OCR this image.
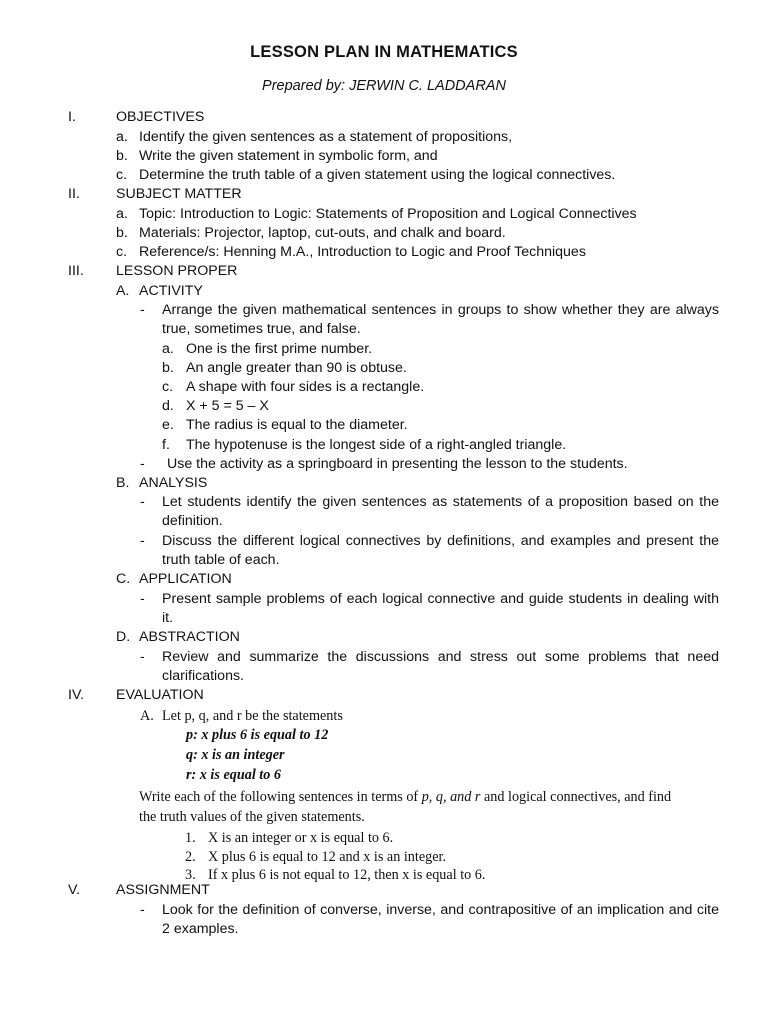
LESSON PLAN IN MATHEMATICS
Prepared by: JERWIN C. LADDARAN
I.	OBJECTIVES
a. Identify the given sentences as a statement of propositions,
b. Write the given statement in symbolic form, and
c. Determine the truth table of a given statement using the logical connectives.
II.	SUBJECT MATTER
a. Topic: Introduction to Logic: Statements of Proposition and Logical Connectives
b. Materials: Projector, laptop, cut-outs, and chalk and board.
c. Reference/s: Henning M.A., Introduction to Logic and Proof Techniques
III. LESSON PROPER
A. ACTIVITY
- Arrange the given mathematical sentences in groups to show whether they are always true, sometimes true, and false.
a. One is the first prime number.
b. An angle greater than 90 is obtuse.
c. A shape with four sides is a rectangle.
d. X + 5 = 5 – X
e. The radius is equal to the diameter.
f. The hypotenuse is the longest side of a right-angled triangle.
- Use the activity as a springboard in presenting the lesson to the students.
B. ANALYSIS
- Let students identify the given sentences as statements of a proposition based on the definition.
- Discuss the different logical connectives by definitions, and examples and present the truth table of each.
C. APPLICATION
- Present sample problems of each logical connective and guide students in dealing with it.
D. ABSTRACTION
- Review and summarize the discussions and stress out some problems that need clarifications.
IV. EVALUATION
A. Let p, q, and r be the statements
p: x plus 6 is equal to 12
q: x is an integer
r: x is equal to 6
Write each of the following sentences in terms of p, q, and r and logical connectives, and find
the truth values of the given statements.
1. X is an integer or x is equal to 6.
2. X plus 6 is equal to 12 and x is an integer.
3. If x plus 6 is not equal to 12, then x is equal to 6.
V.	ASSIGNMENT
- Look for the definition of converse, inverse, and contrapositive of an implication and cite 2 examples.
